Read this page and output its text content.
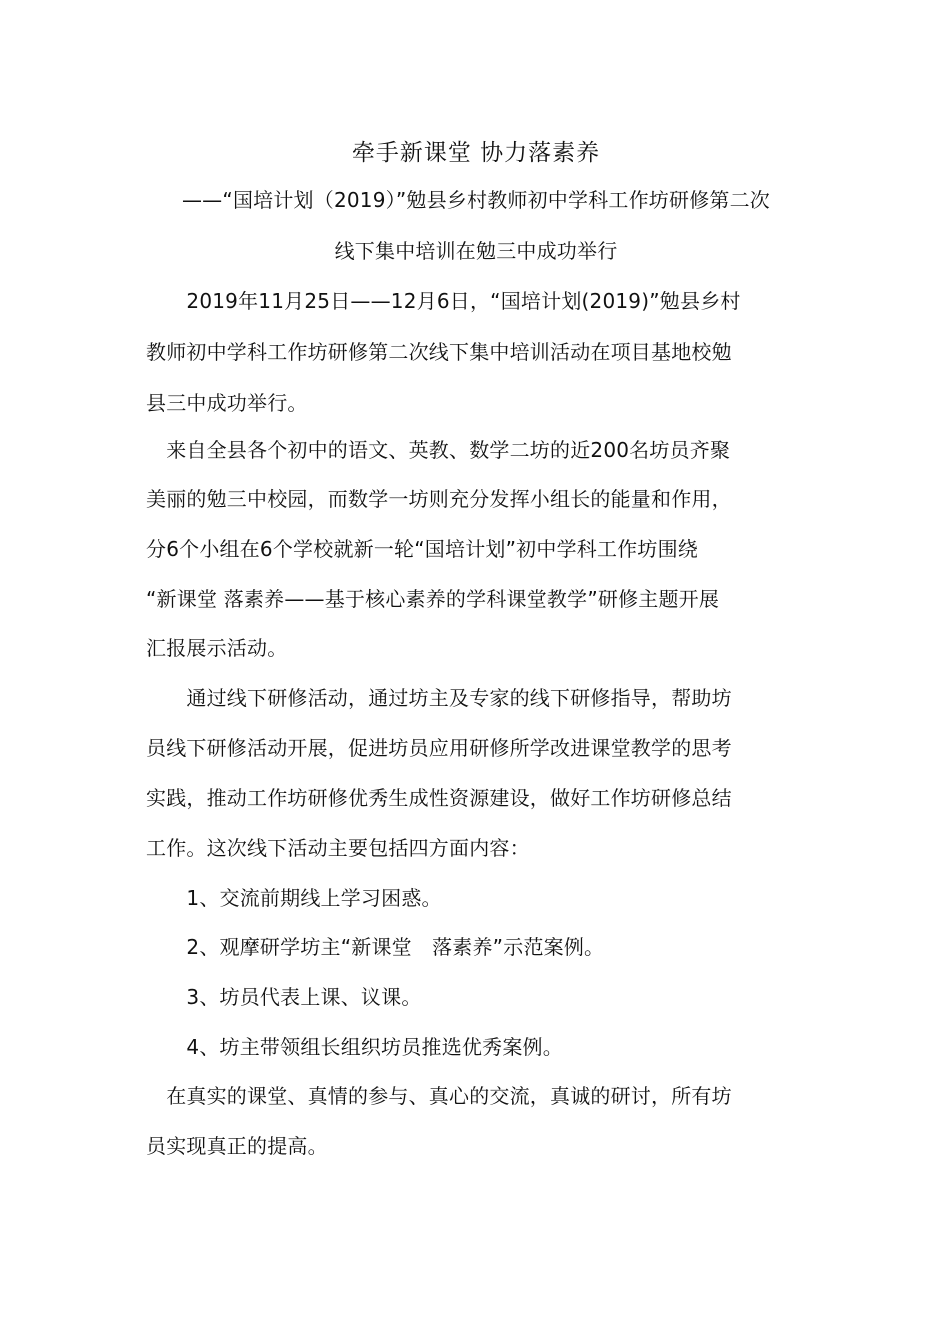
牵手新课堂 协力落素养
——“国培计划（2019）”勉县乡村教师初中学科工作坊研修第二次
线下集中培训在勉三中成功举行
　　2019年11月25日——12月6日，“国培计划(2019)”勉县乡村
教师初中学科工作坊研修第二次线下集中培训活动在项目基地校勉
县三中成功举行。
　来自全县各个初中的语文、英教、数学二坊的近200名坊员齐聚
美丽的勉三中校园，而数学一坊则充分发挥小组长的能量和作用，
分6个小组在6个学校就新一轮“国培计划”初中学科工作坊围绕
“新课堂 落素养——基于核心素养的学科课堂教学”研修主题开展
汇报展示活动。
　　通过线下研修活动，通过坊主及专家的线下研修指导，帮助坊
员线下研修活动开展，促进坊员应用研修所学改进课堂教学的思考
实践，推动工作坊研修优秀生成性资源建设，做好工作坊研修总结
工作。这次线下活动主要包括四方面内容：
　　1、交流前期线上学习困惑。
　　2、观摩研学坊主“新课堂　落素养”示范案例。
　　3、坊员代表上课、议课。
　　4、坊主带领组长组织坊员推选优秀案例。
　在真实的课堂、真情的参与、真心的交流，真诚的研讨，所有坊
员实现真正的提高。
